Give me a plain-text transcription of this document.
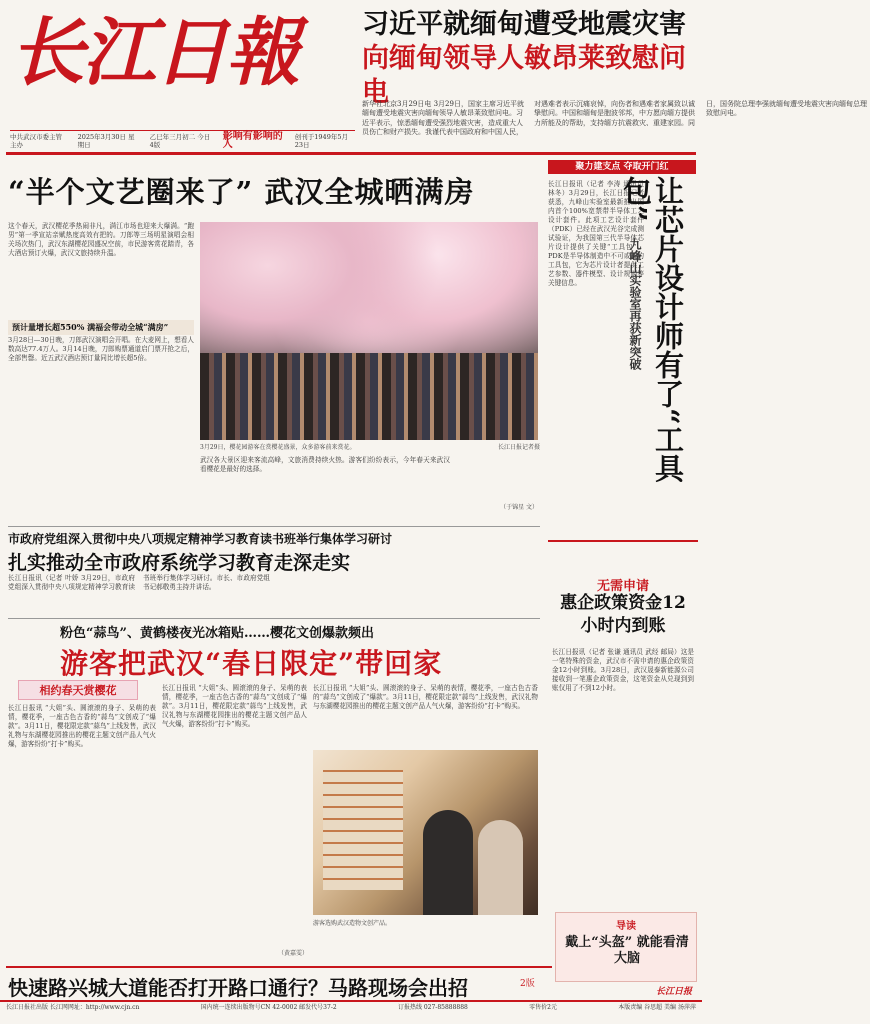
长江日報
中共武汉市委主管主办
2025年3月30日 星期日
乙巳年三月初二 今日4版
影响有影响的人
创刊于1949年5月23日
习近平就缅甸遭受地震灾害
向缅甸领导人敏昂莱致慰问电
新华社北京3月29日电 3月29日，国家主席习近平就缅甸遭受地震灾害向缅甸领导人敏昂莱致慰问电。习近平表示，惊悉缅甸遭受强烈地震灾害，造成重大人员伤亡和财产损失。我谨代表中国政府和中国人民，对遇难者表示沉痛哀悼，向伤者和遇难者家属致以诚挚慰问。中国和缅甸是胞波邻邦，中方愿向缅方提供力所能及的帮助，支持缅方抗震救灾、重建家园。同日，国务院总理李强就缅甸遭受地震灾害向缅甸总理致慰问电。
“半个文艺圈来了” 武汉全城晒满房
这个春天，武汉樱花季热闹非凡，满江市场也迎来大爆满。“跑男”第一季宣站亲赋热度高效有把的。刀郎等三场明星演唱会相关场次热门，武汉东湖樱花园盛况空前，市民游客赏花踏青，各大酒店预订火爆，武汉文旅持续升温。
预计量增长超550% 满福会带动全城“满房”
3月28日—30日晚，刀郎武汉演唱会开唱。在大麦网上，想看人数高达77.4万人。3月14日晚，刀郎购票通道启门票开抢之后，全部售罄。近五武汉酒店预订量同比增长超5倍。
3月29日，樱花园游客在赏樱花盛景，众多游客前来赏花。	长江日报记者摄
武汉各大景区迎来客流高峰，文旅消费持续火热。游客们纷纷表示，今年春天来武汉看樱花是最好的选择。
（于锦星 文）
聚力建支点 夺取开门红
长江日报讯（记者 李涛 通讯员 林冬）3月29日，长江日报记者获悉，九峰山实验室最新推出国内首个100%宽禁带半导体工艺设计套件。此项工艺设计套件（PDK）已经在武汉光谷完成测试验证，为我国第三代半导体芯片设计提供了关键“工具包”。PDK是半导体制造中不可或缺的工具包，它为芯片设计者提供工艺参数、器件模型、设计规则等关键信息。	让芯片设计师有了“工具包”
九峰山实验室再获新突破
无需申请
惠企政策资金12小时内到账
长江日报讯（记者 张谦 通讯员 武经 邮局）这是一笔特殊的资金，武汉市不需申请的惠企政策资金12小时到账。3月28日，武汉晟泰新能源公司接收到一笔惠企政策资金，这笔资金从兑现到到账仅用了不到12小时。
导读
戴上“头盔” 就能看清大脑
长江日报
市政府党组深入贯彻中央八项规定精神学习教育读书班举行集体学习研讨
扎实推动全市政府系统学习教育走深走实
长江日报讯（记者 叶娇 3月29日，市政府党组深入贯彻中央八项规定精神学习教育读书班举行集体学习研讨。市长、市政府党组书记郝敬勇主持并讲话。
粉色“蒜鸟”、黄鹤楼夜光冰箱贴……樱花文创爆款频出
游客把武汉“春日限定”带回家
相约春天赏樱花
长江日报讯 “大姐”头、圆滚滚的身子、呆萌的表情，樱花季，一座古色古香的“蒜鸟”文创成了“爆款”。3月11日，樱花限定款“蒜鸟”上线发售，武汉礼物与东湖樱花园推出的樱花主题文创产品人气火爆，游客纷纷“打卡”购买。
长江日报讯 “大姐”头、圆滚滚的身子、呆萌的表情，樱花季，一座古色古香的“蒜鸟”文创成了“爆款”。3月11日，樱花限定款“蒜鸟”上线发售，武汉礼物与东湖樱花园推出的樱花主题文创产品人气火爆，游客纷纷“打卡”购买。
长江日报讯 “大姐”头、圆滚滚的身子、呆萌的表情，樱花季，一座古色古香的“蒜鸟”文创成了“爆款”。3月11日，樱花限定款“蒜鸟”上线发售，武汉礼物与东湖樱花园推出的樱花主题文创产品人气火爆，游客纷纷“打卡”购买。
游客选购武汉造物文创产品。
（黄嘉雯）
快速路兴城大道能否打开路口通行？马路现场会出招	2版
长江日报社出版 长江网网址：http://www.cjn.cn	国内统一连续出版物号CN 42-0002 邮发代号37-2	订报热线 027-85888888	零售价2元	本版责编 谷思超 美编 汤萍萍
